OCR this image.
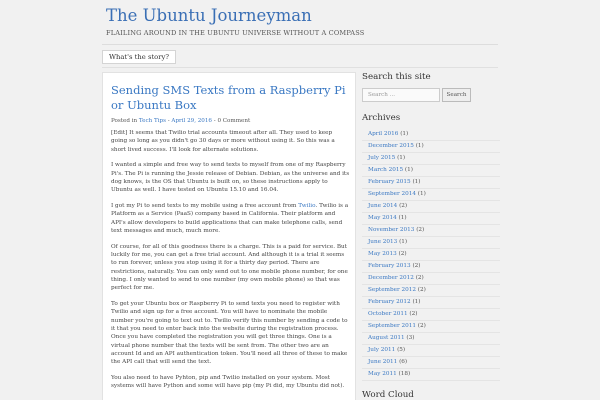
The Ubuntu Journeyman
FLAILING AROUND IN THE UBUNTU UNIVERSE WITHOUT A COMPASS
What's the story?
Sending SMS Texts from a Raspberry Pi or Ubuntu Box
Posted in Tech Tips - April 29, 2016 - 0 Comment

[Edit] It seems that Twilio trial accounts timeout after all. They used to keep going so long as you didn't go 30 days or more without using it. So this was a short lived success. I'll look for alternate solutions.

I wanted a simple and free way to send texts to myself from one of my Raspberry Pi's. The Pi is running the Jessie release of Debian. Debian, as the universe and its dog knows, is the OS that Ubuntu is built on, so these instructions apply to Ubuntu as well. I have tested on Ubuntu 15.10 and 16.04.

I got my Pi to send texts to my mobile using a free account from Twilio. Twilio is a Platform as a Service (PaaS) company based in California. Their platform and API's allow developers to build applications that can make telephone calls, send text messages and much, much more.

Of course, for all of this goodness there is a charge. This is a paid for service. But luckily for me, you can get a free trial account. And although it is a trial it seems to run forever, unless you stop using it for a thirty day period. There are restrictions, naturally. You can only send out to one mobile phone number, for one thing. I only wanted to send to one number (my own mobile phone) so that was perfect for me.

To get your Ubuntu box or Raspberry Pi to send texts you need to register with Twilio and sign up for a free account. You will have to nominate the mobile number you're going to text out to. Twilio verify this number by sending a code to it that you need to enter back into the website during the registration process. Once you have completed the registration you will get three things. One is a virtual phone number that the texts will be sent from. The other two are an account Id and an API authentication token. You'll need all three of these to make the API call that will send the text.

You also need to have Pyhton, pip and Twilio installed on your system. Most systems will have Python and some will have pip (my Pi did, my Ubuntu did not).

Search this site
Search ...
Search
Archives
April 2016 (1)
December 2015 (1)
July 2015 (1)
March 2015 (1)
February 2015 (1)
September 2014 (1)
June 2014 (2)
May 2014 (1)
November 2013 (2)
June 2013 (1)
May 2013 (2)
February 2013 (2)
December 2012 (2)
September 2012 (2)
February 2012 (1)
October 2011 (2)
September 2011 (2)
August 2011 (3)
July 2011 (5)
June 2011 (6)
May 2011 (18)
Word Cloud
